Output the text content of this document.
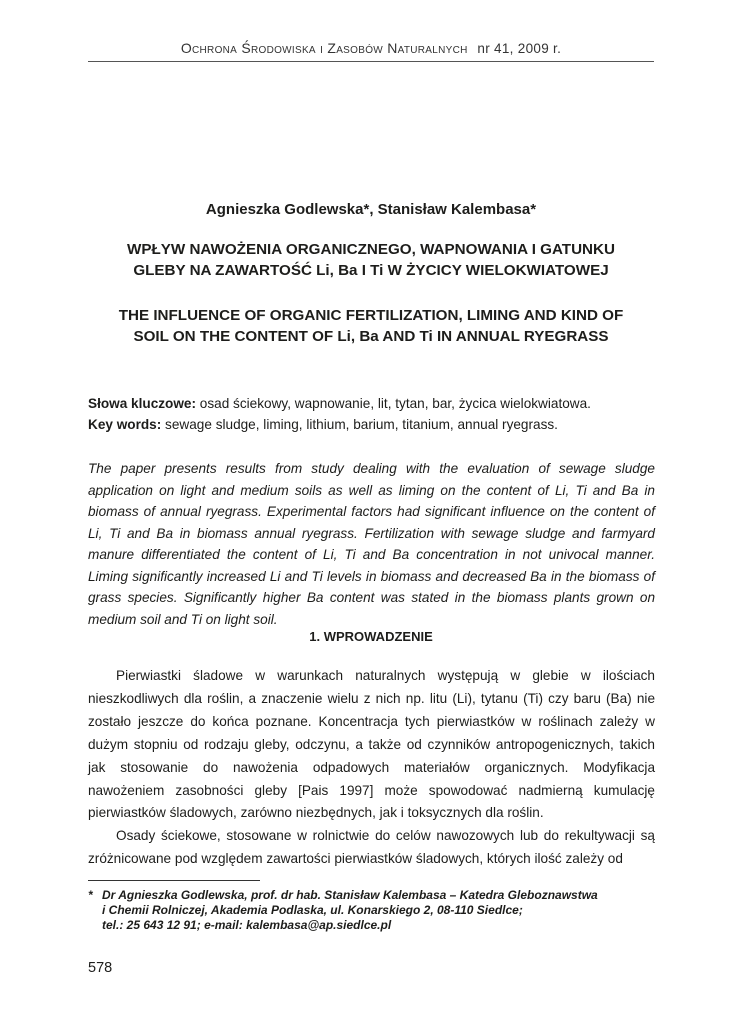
Ochrona Środowiska i Zasobów Naturalnych nr 41, 2009 r.
Agnieszka Godlewska*, Stanisław Kalembasa*
WPŁYW NAWOŻENIA ORGANICZNEGO, WAPNOWANIA I GATUNKU
GLEBY NA ZAWARTOŚĆ Li, Ba I Ti W ŻYCICY WIELOKWIATOWEJ
THE INFLUENCE OF ORGANIC FERTILIZATION, LIMING AND KIND OF
SOIL ON THE CONTENT OF Li, Ba AND Ti IN ANNUAL RYEGRASS
Słowa kluczowe: osad ściekowy, wapnowanie, lit, tytan, bar, życica wielokwiatowa.
Key words: sewage sludge, liming, lithium, barium, titanium, annual ryegrass.
The paper presents results from study dealing with the evaluation of sewage sludge application on light and medium soils as well as liming on the content of Li, Ti and Ba in biomass of annual ryegrass. Experimental factors had significant influence on the content of Li, Ti and Ba in biomass annual ryegrass. Fertilization with sewage sludge and farmyard manure differentiated the content of Li, Ti and Ba concentration in not univocal manner. Liming significantly increased Li and Ti levels in biomass and decreased Ba in the biomass of grass species. Significantly higher Ba content was stated in the biomass plants grown on medium soil and Ti on light soil.
1. WPROWADZENIE

Pierwiastki śladowe w warunkach naturalnych występują w glebie w ilościach nieszkodliwych dla roślin, a znaczenie wielu z nich np. litu (Li), tytanu (Ti) czy baru (Ba) nie zostało jeszcze do końca poznane. Koncentracja tych pierwiastków w roślinach zależy w dużym stopniu od rodzaju gleby, odczynu, a także od czynników antropogenicznych, takich jak stosowanie do nawożenia odpadowych materiałów organicznych. Modyfikacja nawożeniem zasobności gleby [Pais 1997] może spowodować nadmierną kumulację pierwiastków śladowych, zarówno niezbędnych, jak i toksycznych dla roślin.

Osady ściekowe, stosowane w rolnictwie do celów nawozowych lub do rekultywacji są zróżnicowane pod względem zawartości pierwiastków śladowych, których ilość zależy od

* Dr Agnieszka Godlewska, prof. dr hab. Stanisław Kalembasa – Katedra Gleboznawstwa
i Chemii Rolniczej, Akademia Podlaska, ul. Konarskiego 2, 08-110 Siedlce;
tel.: 25 643 12 91; e-mail: kalembasa@ap.siedlce.pl
578
